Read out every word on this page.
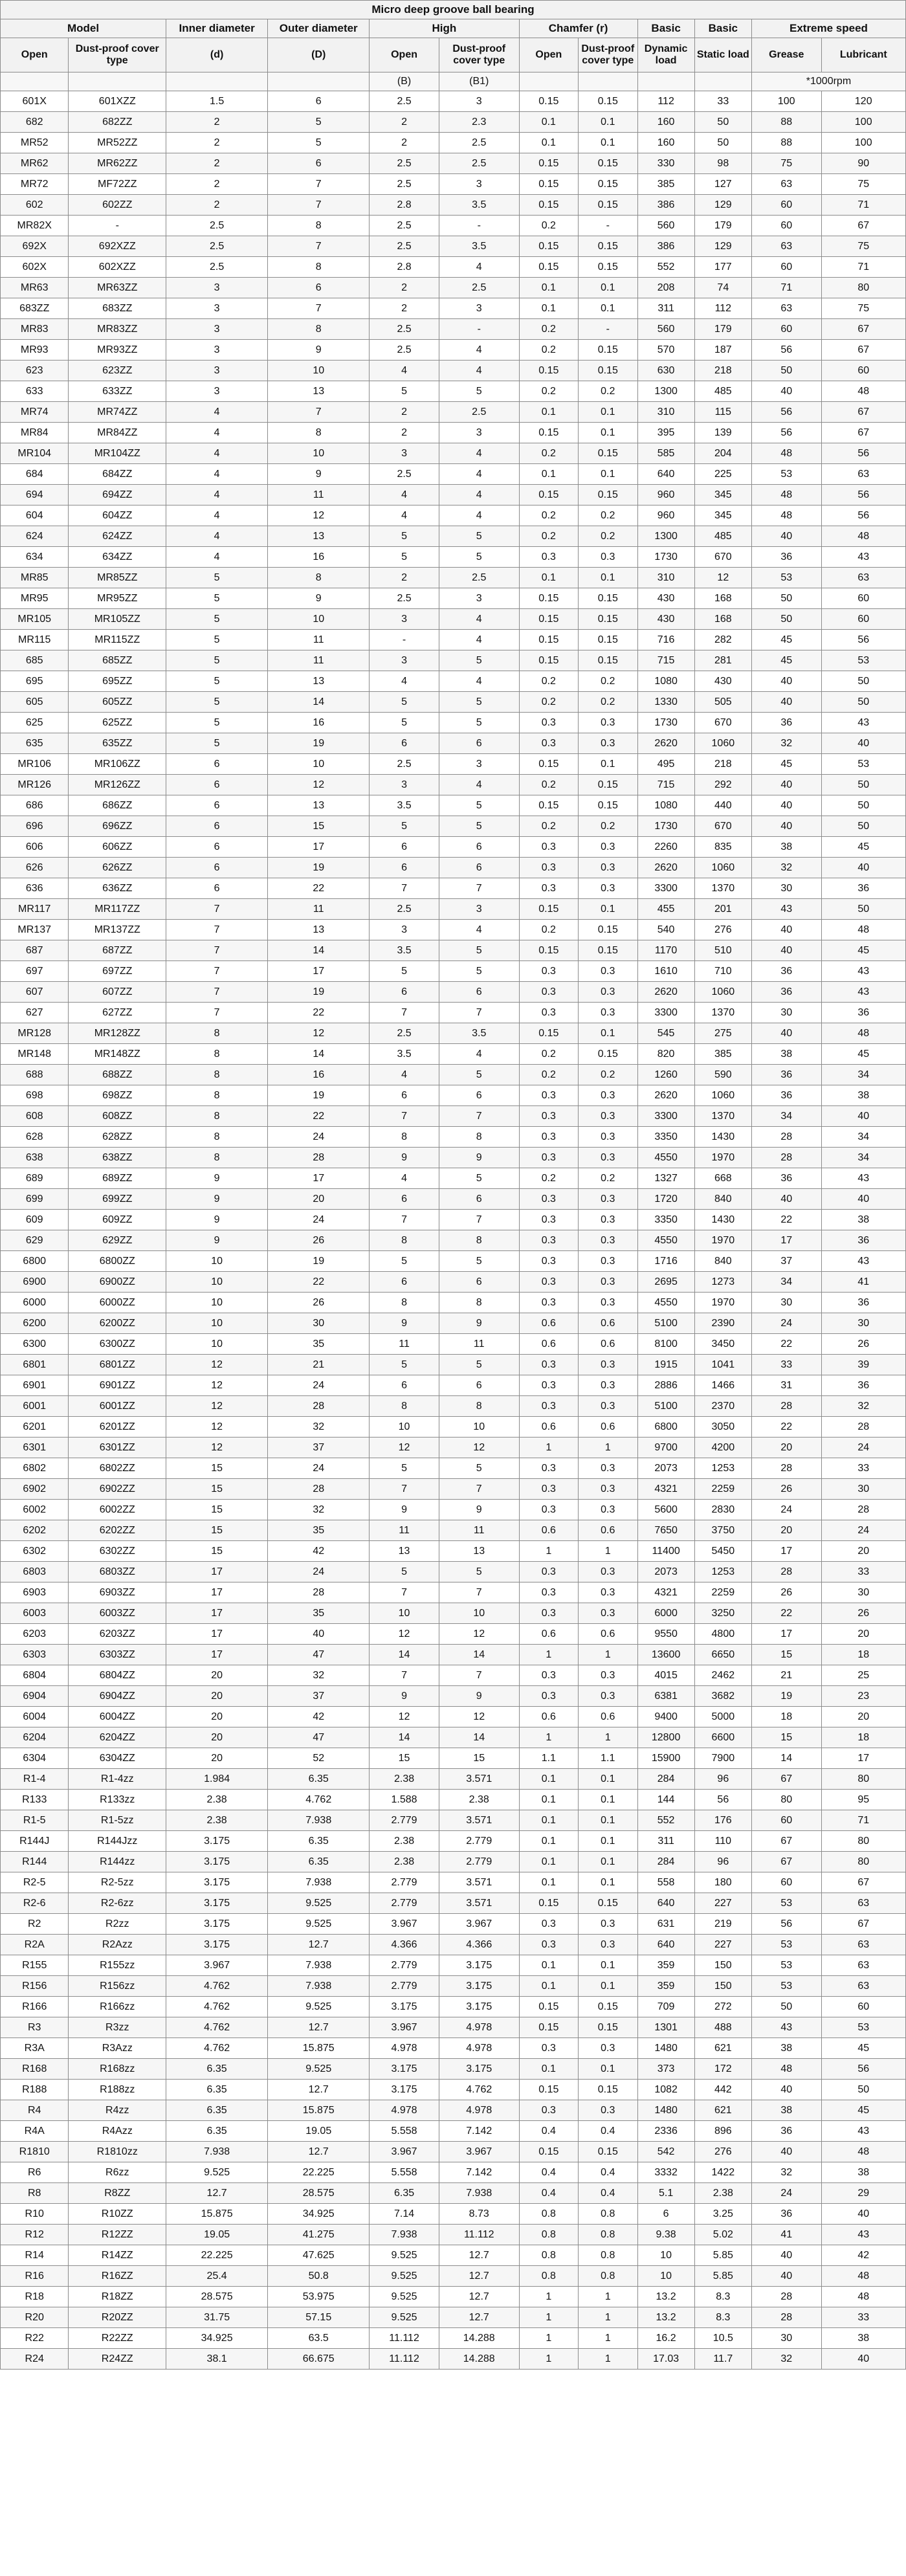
Micro deep groove ball bearing											
Model		Inner diameter	Outer diameter	High		Chamfer (r)		Basic	Basic	Extreme speed	
Open	Dust-proof cover type	(d)	(D)	Open	Dust-proof cover type	Open	Dust-proof cover type	Dynamic load	Static load	Grease	Lubricant
				(B)	(B1)					*1000rpm	
601X	601XZZ	1.5	6	2.5	3	0.15	0.15	112	33	100	120
682	682ZZ	2	5	2	2.3	0.1	0.1	160	50	88	100
MR52	MR52ZZ	2	5	2	2.5	0.1	0.1	160	50	88	100
MR62	MR62ZZ	2	6	2.5	2.5	0.15	0.15	330	98	75	90
MR72	MF72ZZ	2	7	2.5	3	0.15	0.15	385	127	63	75
602	602ZZ	2	7	2.8	3.5	0.15	0.15	386	129	60	71
MR82X	-	2.5	8	2.5	-	0.2	-	560	179	60	67
692X	692XZZ	2.5	7	2.5	3.5	0.15	0.15	386	129	63	75
602X	602XZZ	2.5	8	2.8	4	0.15	0.15	552	177	60	71
MR63	MR63ZZ	3	6	2	2.5	0.1	0.1	208	74	71	80
683ZZ	683ZZ	3	7	2	3	0.1	0.1	311	112	63	75
MR83	MR83ZZ	3	8	2.5	-	0.2	-	560	179	60	67
MR93	MR93ZZ	3	9	2.5	4	0.2	0.15	570	187	56	67
623	623ZZ	3	10	4	4	0.15	0.15	630	218	50	60
633	633ZZ	3	13	5	5	0.2	0.2	1300	485	40	48
MR74	MR74ZZ	4	7	2	2.5	0.1	0.1	310	115	56	67
MR84	MR84ZZ	4	8	2	3	0.15	0.1	395	139	56	67
MR104	MR104ZZ	4	10	3	4	0.2	0.15	585	204	48	56
684	684ZZ	4	9	2.5	4	0.1	0.1	640	225	53	63
694	694ZZ	4	11	4	4	0.15	0.15	960	345	48	56
604	604ZZ	4	12	4	4	0.2	0.2	960	345	48	56
624	624ZZ	4	13	5	5	0.2	0.2	1300	485	40	48
634	634ZZ	4	16	5	5	0.3	0.3	1730	670	36	43
MR85	MR85ZZ	5	8	2	2.5	0.1	0.1	310	12	53	63
MR95	MR95ZZ	5	9	2.5	3	0.15	0.15	430	168	50	60
MR105	MR105ZZ	5	10	3	4	0.15	0.15	430	168	50	60
MR115	MR115ZZ	5	11	-	4	0.15	0.15	716	282	45	56
685	685ZZ	5	11	3	5	0.15	0.15	715	281	45	53
695	695ZZ	5	13	4	4	0.2	0.2	1080	430	40	50
605	605ZZ	5	14	5	5	0.2	0.2	1330	505	40	50
625	625ZZ	5	16	5	5	0.3	0.3	1730	670	36	43
635	635ZZ	5	19	6	6	0.3	0.3	2620	1060	32	40
MR106	MR106ZZ	6	10	2.5	3	0.15	0.1	495	218	45	53
MR126	MR126ZZ	6	12	3	4	0.2	0.15	715	292	40	50
686	686ZZ	6	13	3.5	5	0.15	0.15	1080	440	40	50
696	696ZZ	6	15	5	5	0.2	0.2	1730	670	40	50
606	606ZZ	6	17	6	6	0.3	0.3	2260	835	38	45
626	626ZZ	6	19	6	6	0.3	0.3	2620	1060	32	40
636	636ZZ	6	22	7	7	0.3	0.3	3300	1370	30	36
MR117	MR117ZZ	7	11	2.5	3	0.15	0.1	455	201	43	50
MR137	MR137ZZ	7	13	3	4	0.2	0.15	540	276	40	48
687	687ZZ	7	14	3.5	5	0.15	0.15	1170	510	40	45
697	697ZZ	7	17	5	5	0.3	0.3	1610	710	36	43
607	607ZZ	7	19	6	6	0.3	0.3	2620	1060	36	43
627	627ZZ	7	22	7	7	0.3	0.3	3300	1370	30	36
MR128	MR128ZZ	8	12	2.5	3.5	0.15	0.1	545	275	40	48
MR148	MR148ZZ	8	14	3.5	4	0.2	0.15	820	385	38	45
688	688ZZ	8	16	4	5	0.2	0.2	1260	590	36	34
698	698ZZ	8	19	6	6	0.3	0.3	2620	1060	36	38
608	608ZZ	8	22	7	7	0.3	0.3	3300	1370	34	40
628	628ZZ	8	24	8	8	0.3	0.3	3350	1430	28	34
638	638ZZ	8	28	9	9	0.3	0.3	4550	1970	28	34
689	689ZZ	9	17	4	5	0.2	0.2	1327	668	36	43
699	699ZZ	9	20	6	6	0.3	0.3	1720	840	40	40
609	609ZZ	9	24	7	7	0.3	0.3	3350	1430	22	38
629	629ZZ	9	26	8	8	0.3	0.3	4550	1970	17	36
6800	6800ZZ	10	19	5	5	0.3	0.3	1716	840	37	43
6900	6900ZZ	10	22	6	6	0.3	0.3	2695	1273	34	41
6000	6000ZZ	10	26	8	8	0.3	0.3	4550	1970	30	36
6200	6200ZZ	10	30	9	9	0.6	0.6	5100	2390	24	30
6300	6300ZZ	10	35	11	11	0.6	0.6	8100	3450	22	26
6801	6801ZZ	12	21	5	5	0.3	0.3	1915	1041	33	39
6901	6901ZZ	12	24	6	6	0.3	0.3	2886	1466	31	36
6001	6001ZZ	12	28	8	8	0.3	0.3	5100	2370	28	32
6201	6201ZZ	12	32	10	10	0.6	0.6	6800	3050	22	28
6301	6301ZZ	12	37	12	12	1	1	9700	4200	20	24
6802	6802ZZ	15	24	5	5	0.3	0.3	2073	1253	28	33
6902	6902ZZ	15	28	7	7	0.3	0.3	4321	2259	26	30
6002	6002ZZ	15	32	9	9	0.3	0.3	5600	2830	24	28
6202	6202ZZ	15	35	11	11	0.6	0.6	7650	3750	20	24
6302	6302ZZ	15	42	13	13	1	1	11400	5450	17	20
6803	6803ZZ	17	24	5	5	0.3	0.3	2073	1253	28	33
6903	6903ZZ	17	28	7	7	0.3	0.3	4321	2259	26	30
6003	6003ZZ	17	35	10	10	0.3	0.3	6000	3250	22	26
6203	6203ZZ	17	40	12	12	0.6	0.6	9550	4800	17	20
6303	6303ZZ	17	47	14	14	1	1	13600	6650	15	18
6804	6804ZZ	20	32	7	7	0.3	0.3	4015	2462	21	25
6904	6904ZZ	20	37	9	9	0.3	0.3	6381	3682	19	23
6004	6004ZZ	20	42	12	12	0.6	0.6	9400	5000	18	20
6204	6204ZZ	20	47	14	14	1	1	12800	6600	15	18
6304	6304ZZ	20	52	15	15	1.1	1.1	15900	7900	14	17
R1-4	R1-4zz	1.984	6.35	2.38	3.571	0.1	0.1	284	96	67	80
R133	R133zz	2.38	4.762	1.588	2.38	0.1	0.1	144	56	80	95
R1-5	R1-5zz	2.38	7.938	2.779	3.571	0.1	0.1	552	176	60	71
R144J	R144Jzz	3.175	6.35	2.38	2.779	0.1	0.1	311	110	67	80
R144	R144zz	3.175	6.35	2.38	2.779	0.1	0.1	284	96	67	80
R2-5	R2-5zz	3.175	7.938	2.779	3.571	0.1	0.1	558	180	60	67
R2-6	R2-6zz	3.175	9.525	2.779	3.571	0.15	0.15	640	227	53	63
R2	R2zz	3.175	9.525	3.967	3.967	0.3	0.3	631	219	56	67
R2A	R2Azz	3.175	12.7	4.366	4.366	0.3	0.3	640	227	53	63
R155	R155zz	3.967	7.938	2.779	3.175	0.1	0.1	359	150	53	63
R156	R156zz	4.762	7.938	2.779	3.175	0.1	0.1	359	150	53	63
R166	R166zz	4.762	9.525	3.175	3.175	0.15	0.15	709	272	50	60
R3	R3zz	4.762	12.7	3.967	4.978	0.15	0.15	1301	488	43	53
R3A	R3Azz	4.762	15.875	4.978	4.978	0.3	0.3	1480	621	38	45
R168	R168zz	6.35	9.525	3.175	3.175	0.1	0.1	373	172	48	56
R188	R188zz	6.35	12.7	3.175	4.762	0.15	0.15	1082	442	40	50
R4	R4zz	6.35	15.875	4.978	4.978	0.3	0.3	1480	621	38	45
R4A	R4Azz	6.35	19.05	5.558	7.142	0.4	0.4	2336	896	36	43
R1810	R1810zz	7.938	12.7	3.967	3.967	0.15	0.15	542	276	40	48
R6	R6zz	9.525	22.225	5.558	7.142	0.4	0.4	3332	1422	32	38
R8	R8ZZ	12.7	28.575	6.35	7.938	0.4	0.4	5.1	2.38	24	29
R10	R10ZZ	15.875	34.925	7.14	8.73	0.8	0.8	6	3.25	36	40
R12	R12ZZ	19.05	41.275	7.938	11.112	0.8	0.8	9.38	5.02	41	43
R14	R14ZZ	22.225	47.625	9.525	12.7	0.8	0.8	10	5.85	40	42
R16	R16ZZ	25.4	50.8	9.525	12.7	0.8	0.8	10	5.85	40	48
R18	R18ZZ	28.575	53.975	9.525	12.7	1	1	13.2	8.3	28	48
R20	R20ZZ	31.75	57.15	9.525	12.7	1	1	13.2	8.3	28	33
R22	R22ZZ	34.925	63.5	11.112	14.288	1	1	16.2	10.5	30	38
R24	R24ZZ	38.1	66.675	11.112	14.288	1	1	17.03	11.7	32	40
